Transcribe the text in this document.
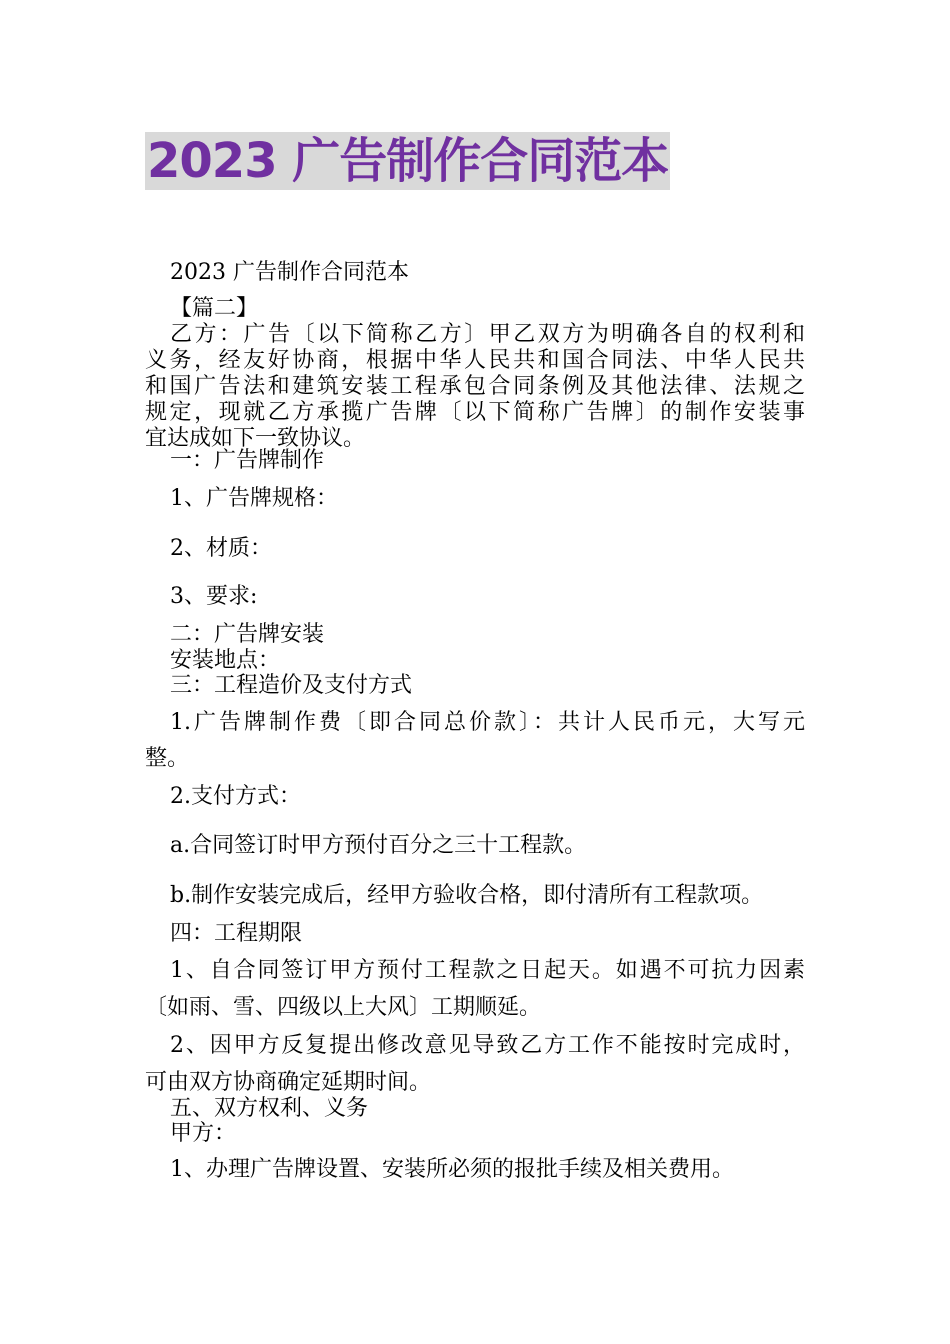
2023 广告制作合同范本
2023 广告制作合同范本
【篇二】
乙方：广告〔以下简称乙方〕甲乙双方为明确各自的权利和
义务，经友好协商，根据中华人民共和国合同法、中华人民共
和国广告法和建筑安装工程承包合同条例及其他法律、法规之
规定，现就乙方承揽广告牌〔以下简称广告牌〕的制作安装事
宜达成如下一致协议。
一：广告牌制作
1、广告牌规格：
2、材质：
3、要求:
二：广告牌安装
安装地点：
三：工程造价及支付方式
1.广告牌制作费〔即合同总价款〕：共计人民币元，大写元
整。
2.支付方式：
a.合同签订时甲方预付百分之三十工程款。
b.制作安装完成后，经甲方验收合格，即付清所有工程款项。
四：工程期限
1、自合同签订甲方预付工程款之日起天。如遇不可抗力因素
〔如雨、雪、四级以上大风〕工期顺延。
2、因甲方反复提出修改意见导致乙方工作不能按时完成时，
可由双方协商确定延期时间。
五、双方权利、义务
甲方：
1、办理广告牌设置、安装所必须的报批手续及相关费用。
